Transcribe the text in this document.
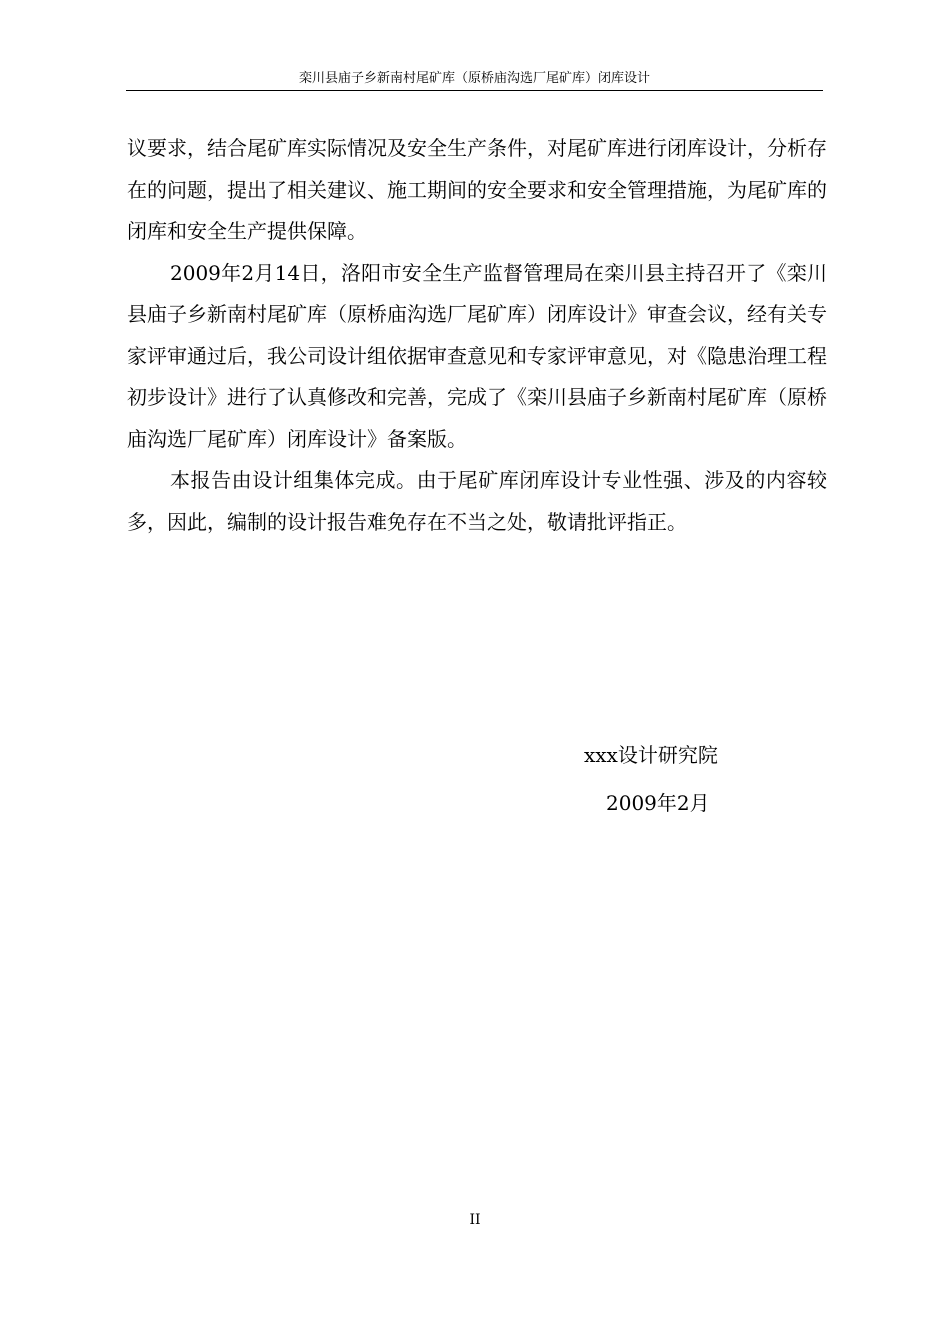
栾川县庙子乡新南村尾矿库（原桥庙沟选厂尾矿库）闭库设计

议要求，结合尾矿库实际情况及安全生产条件，对尾矿库进行闭库设计，分析存在的问题，提出了相关建议、施工期间的安全要求和安全管理措施，为尾矿库的闭库和安全生产提供保障。

2009年2月14日，洛阳市安全生产监督管理局在栾川县主持召开了《栾川县庙子乡新南村尾矿库（原桥庙沟选厂尾矿库）闭库设计》审查会议，经有关专家评审通过后，我公司设计组依据审查意见和专家评审意见，对《隐患治理工程初步设计》进行了认真修改和完善，完成了《栾川县庙子乡新南村尾矿库（原桥庙沟选厂尾矿库）闭库设计》备案版。

本报告由设计组集体完成。由于尾矿库闭库设计专业性强、涉及的内容较多，因此，编制的设计报告难免存在不当之处，敬请批评指正。

xxx设计研究院
2009年2月
II
